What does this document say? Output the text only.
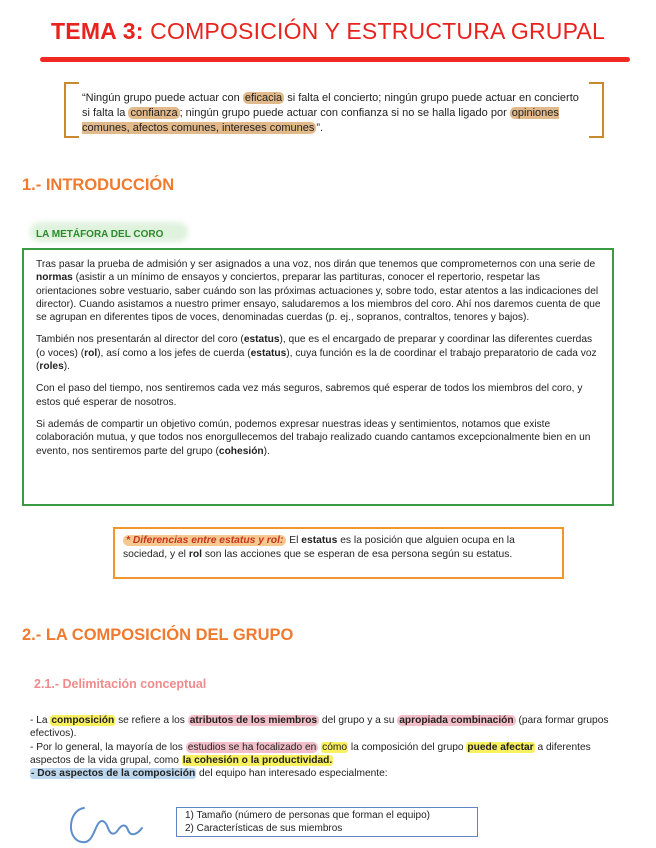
TEMA 3: COMPOSICIÓN Y ESTRUCTURA GRUPAL
“Ningún grupo puede actuar con eficacia si falta el concierto; ningún grupo puede actuar en concierto si falta la confianza ; ningún grupo puede actuar con confianza si no se halla ligado por opiniones comunes, afectos comunes, intereses comunes ”.
1.- INTRODUCCIÓN
LA METÁFORA DEL CORO

Tras pasar la prueba de admisión y ser asignados a una voz, nos dirán que tenemos que comprometernos con una serie de normas (asistir a un mínimo de ensayos y conciertos, preparar las partituras, conocer el repertorio, respetar las orientaciones sobre vestuario, saber cuándo son las próximas actuaciones y, sobre todo, estar atentos a las indicaciones del director). Cuando asistamos a nuestro primer ensayo, saludaremos a los miembros del coro. Ahí nos daremos cuenta de que se agrupan en diferentes tipos de voces, denominadas cuerdas (p. ej., sopranos, contraltos, tenores y bajos).

También nos presentarán al director del coro (estatus), que es el encargado de preparar y coordinar las diferentes cuerdas (o voces) (rol), así como a los jefes de cuerda (estatus), cuya función es la de coordinar el trabajo preparatorio de cada voz (roles).

Con el paso del tiempo, nos sentiremos cada vez más seguros, sabremos qué esperar de todos los miembros del coro, y estos qué esperar de nosotros.

Si además de compartir un objetivo común, podemos expresar nuestras ideas y sentimientos, notamos que existe colaboración mutua, y que todos nos enorgullecemos del trabajo realizado cuando cantamos excepcionalmente bien en un evento, nos sentiremos parte del grupo (cohesión).

* Diferencias entre estatus y rol: El estatus es la posición que alguien ocupa en la sociedad, y el rol son las acciones que se esperan de esa persona según su estatus.
2.- LA COMPOSICIÓN DEL GRUPO
2.1.- Delimitación conceptual
- La composición se refiere a los atributos de los miembros del grupo y a su apropiada combinación (para formar grupos efectivos).
- Por lo general, la mayoría de los estudios se ha focalizado en cómo la composición del grupo puede afectar a diferentes aspectos de la vida grupal, como la cohesión o la productividad.
- Dos aspectos de la composición del equipo han interesado especialmente:
1) Tamaño (número de personas que forman el equipo)
2) Características de sus miembros
